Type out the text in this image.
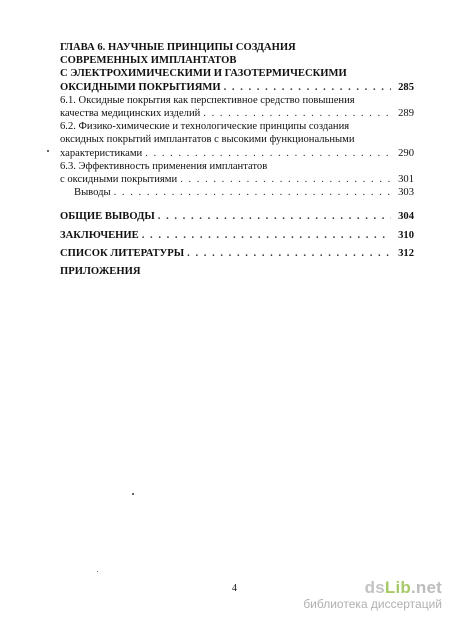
ГЛАВА 6. НАУЧНЫЕ ПРИНЦИПЫ СОЗДАНИЯ
СОВРЕМЕННЫХ ИМПЛАНТАТОВ
С ЭЛЕКТРОХИМИЧЕСКИМИ И ГАЗОТЕРМИЧЕСКИМИ
ОКСИДНЫМИ ПОКРЫТИЯМИ . . .	285
6.1. Оксидные покрытия как перспективное средство повышения
качества медицинских изделий . . .	289
6.2. Физико-химические и технологические принципы создания
оксидных покрытий имплантатов с высокими функциональными
характеристиками . . .	290
6.3. Эффективность применения имплантатов
с оксидными покрытиями . . .	301
Выводы . . .	303
ОБЩИЕ ВЫВОДЫ . . .	304
ЗАКЛЮЧЕНИЕ . . .	310
СПИСОК ЛИТЕРАТУРЫ . . .	312
ПРИЛОЖЕНИЯ
4	dsLib.net
библиотека диссертаций
